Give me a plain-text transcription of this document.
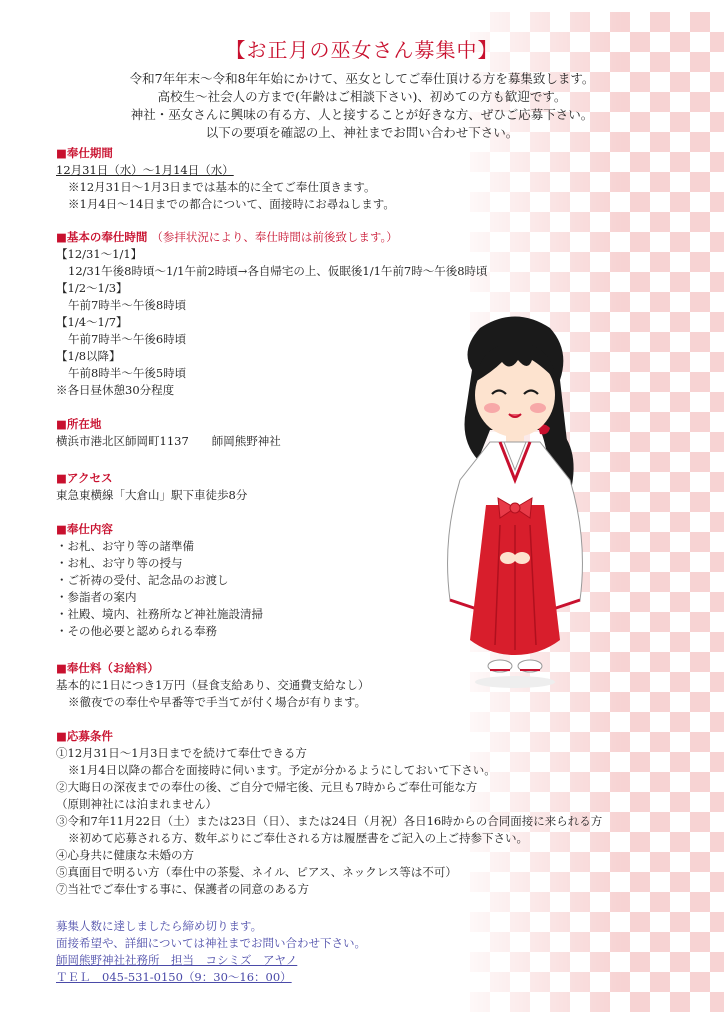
【お正月の巫女さん募集中】
令和7年年末～令和8年年始にかけて、巫女としてご奉仕頂ける方を募集致します。
高校生～社会人の方まで(年齢はご相談下さい)、初めての方も歓迎です。
神社・巫女さんに興味の有る方、人と接することが好きな方、ぜひご応募下さい。
以下の要項を確認の上、神社までお問い合わせ下さい。
■奉仕期間
12月31日（水）～1月14日（水）
※12月31日～1月3日までは基本的に全てご奉仕頂きます。
※1月4日～14日までの都合について、面接時にお尋ねします。
■基本の奉仕時間 （参拝状況により、奉仕時間は前後致します。）
【12/31～1/1】
12/31午後8時頃～1/1午前2時頃→各自帰宅の上、仮眠後1/1午前7時～午後8時頃
【1/2～1/3】
午前7時半～午後8時頃
【1/4～1/7】
午前7時半～午後6時頃
【1/8以降】
午前8時半～午後5時頃
※各日昼休憩30分程度
■所在地
横浜市港北区師岡町1137　　師岡熊野神社
■アクセス
東急東横線「大倉山」駅下車徒歩8分
■奉仕内容
・お札、お守り等の諸準備
・お札、お守り等の授与
・ご祈祷の受付、記念品のお渡し
・参詣者の案内
・社殿、境内、社務所など神社施設清掃
・その他必要と認められる奉務
■奉仕料（お給料）
基本的に1日につき1万円（昼食支給あり、交通費支給なし）
※徹夜での奉仕や早番等で手当てが付く場合が有ります。
■応募条件
①12月31日～1月3日までを続けて奉仕できる方
※1月4日以降の都合を面接時に伺います。予定が分かるようにしておいて下さい。
②大晦日の深夜までの奉仕の後、ご自分で帰宅後、元旦も7時からご奉仕可能な方
（原則神社には泊まれません）
③令和7年11月22日（土）または23日（日）、または24日（月祝）各日16時からの合同面接に来られる方
※初めて応募される方、数年ぶりにご奉仕される方は履歴書をご記入の上ご持参下さい。
④心身共に健康な未婚の方
⑤真面目で明るい方（奉仕中の茶髪、ネイル、ピアス、ネックレス等は不可）
⑦当社でご奉仕する事に、保護者の同意のある方
募集人数に達しましたら締め切ります。
面接希望や、詳細については神社までお問い合わせ下さい。
師岡熊野神社社務所　担当　コシミズ　アヤノ
ＴＥＬ　045-531-0150（9：30～16：00）
